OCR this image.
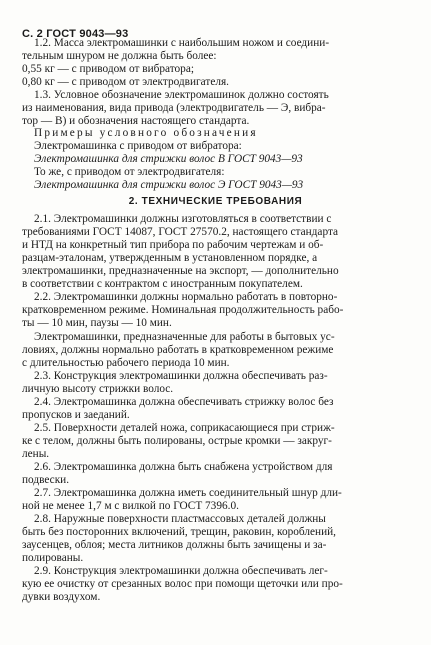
С. 2 ГОСТ 9043—93
1.2. Масса электромашинки с наибольшим ножом и соедини-
тельным шнуром не должна быть более:
0,55 кг — с приводом от вибратора;
0,80 кг — с приводом от электродвигателя.
1.3. Условное обозначение электромашинок должно состоять
из наименования, вида привода (электродвигатель — Э, вибра-
тор — В) и обозначения настоящего стандарта.
Примеры условного обозначения
Электромашинка с приводом от вибратора:
Электромашинка для стрижки волос В ГОСТ 9043—93
То же, с приводом от электродвигателя:
Электромашинка для стрижки волос Э ГОСТ 9043—93
2.1. Электромашинки должны изготовляться в соответствии с
требованиями ГОСТ 14087, ГОСТ 27570.2, настоящего стандарта
и НТД на конкретный тип прибора по рабочим чертежам и об-
разцам-эталонам, утвержденным в установленном порядке, а
электромашинки, предназначенные на экспорт, — дополнительно
в соответствии с контрактом с иностранным покупателем.
2.2. Электромашинки должны нормально работать в повторно-
кратковременном режиме. Номинальная продолжительность рабо-
ты — 10 мин, паузы — 10 мин.
Электромашинки, предназначенные для работы в бытовых ус-
ловиях, должны нормально работать в кратковременном режиме
с длительностью рабочего периода 10 мин.
2.3. Конструкция электромашинки должна обеспечивать раз-
личную высоту стрижки волос.
2.4. Электромашинка должна обеспечивать стрижку волос без
пропусков и заеданий.
2.5. Поверхности деталей ножа, соприкасающиеся при стриж-
ке с телом, должны быть полированы, острые кромки — закруг-
лены.
2.6. Электромашинка должна быть снабжена устройством для
подвески.
2.7. Электромашинка должна иметь соединительный шнур дли-
ной не менее 1,7 м с вилкой по ГОСТ 7396.0.
2.8. Наружные поверхности пластмассовых деталей должны
быть без посторонних включений, трещин, раковин, короблений,
заусенцев, облоя; места литников должны быть зачищены и за-
полированы.
2.9. Конструкция электромашинки должна обеспечивать лег-
кую ее очистку от срезанных волос при помощи щеточки или про-
дувки воздухом.
2. ТЕХНИЧЕСКИЕ ТРЕБОВАНИЯ
